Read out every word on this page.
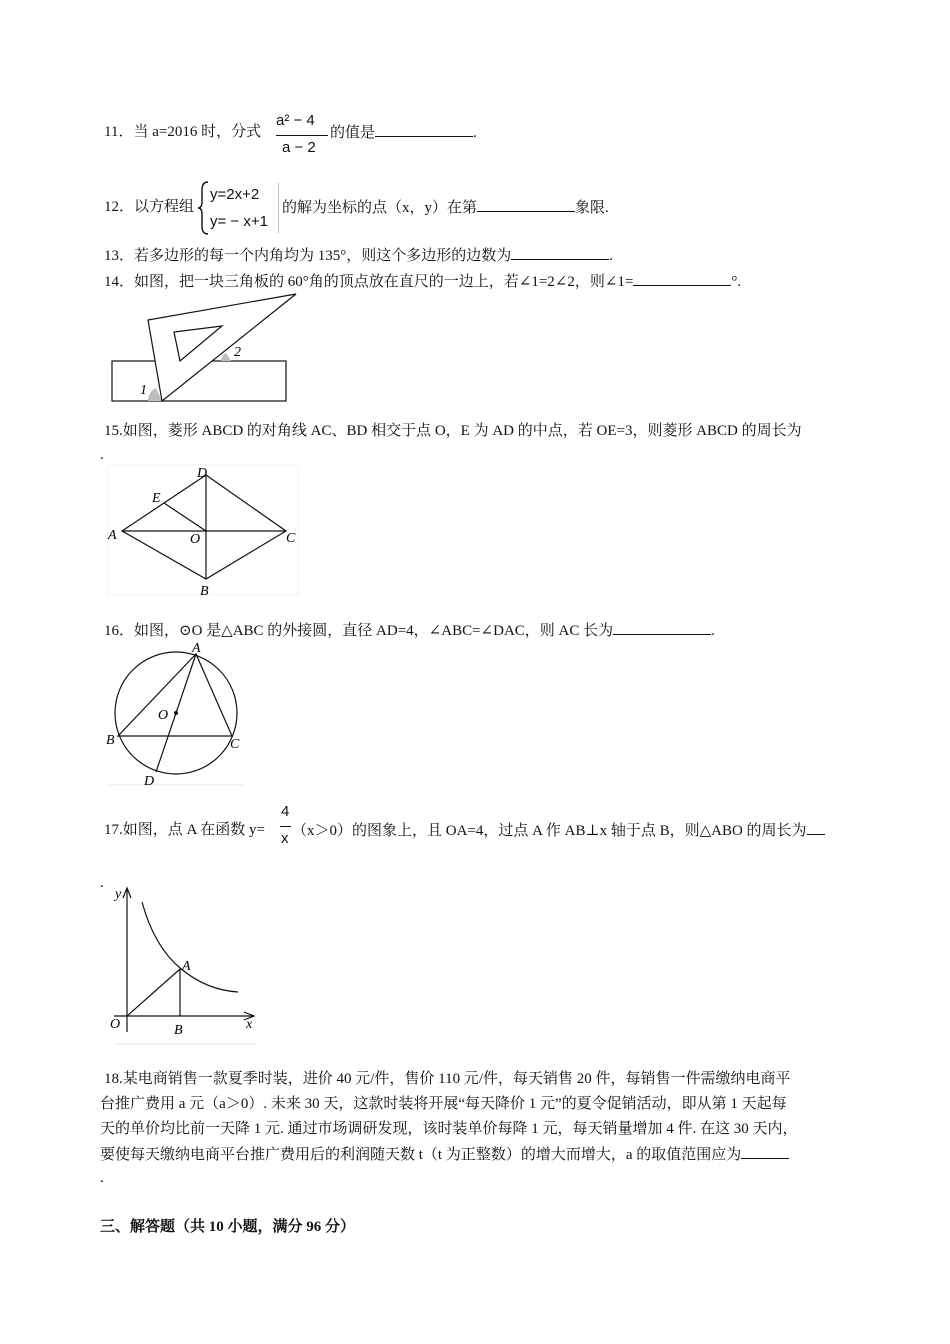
11．当 a=2016 时，分式
a² − 4
a − 2
的值是	.
12．以方程组
y=2x+2
y= − x+1
的解为坐标的点（x，y）在第	象限.
13．若多边形的每一个内角均为 135°，则这个多边形的边数为	.
14．如图，把一块三角板的 60°角的顶点放在直尺的一边上，若∠1=2∠2，则∠1=	°.
1
2
15.如图，菱形 ABCD 的对角线 AC、BD 相交于点 O，E 为 AD 的中点，若 OE=3，则菱形 ABCD 的周长为
.
A
B
C
D
E
O
16．如图，⊙O 是△ABC 的外接圆，直径 AD=4，∠ABC=∠DAC，则 AC 长为	.
A
B	C
D
O
17.如图，点 A 在函数 y=
4
x （x＞0）的图象上，且 OA=4，过点 A 作 AB⊥x 轴于点 B，则△ABO 的周长为
.
y
x
O
A
B
18.某电商销售一款夏季时装，进价 40 元/件，售价 110 元/件，每天销售 20 件，每销售一件需缴纳电商平
台推广费用 a 元（a＞0）. 未来 30 天，这款时装将开展“每天降价 1 元”的夏令促销活动，即从第 1 天起每
天的单价均比前一天降 1 元. 通过市场调研发现，该时装单价每降 1 元，每天销量增加 4 件. 在这 30 天内，
要使每天缴纳电商平台推广费用后的利润随天数 t（t 为正整数）的增大而增大，a 的取值范围应为
.
三、解答题（共 10 小题，满分 96 分）
